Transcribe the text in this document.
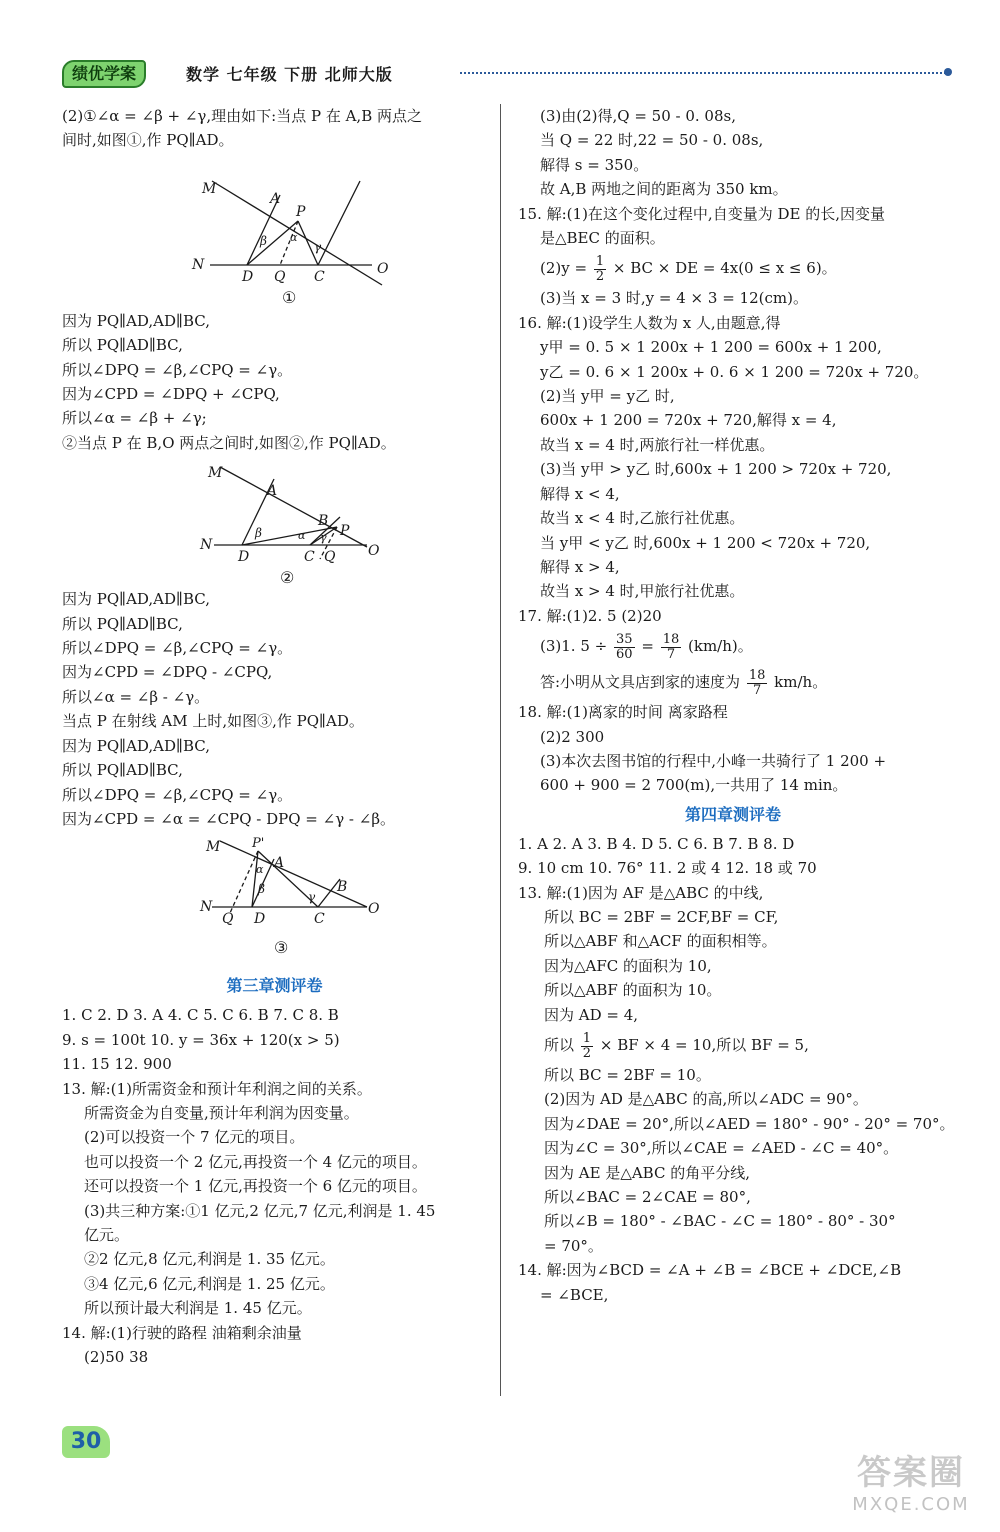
绩优学案	数学 七年级 下册 北师大版
(2)①∠α = ∠β + ∠γ,理由如下:当点 P 在 A,B 两点之
间时,如图①,作 PQ∥AD。
M
A
P
β α
γ
N
D Q C	O
①
因为 PQ∥AD,AD∥BC,
所以 PQ∥AD∥BC,
所以∠DPQ = ∠β,∠CPQ = ∠γ。
因为∠CPD = ∠DPQ + ∠CPQ,
所以∠α = ∠β + ∠γ;
②当点 P 在 B,O 两点之间时,如图②,作 PQ∥AD。
M
A
B
P
β	α γ
N
D	C Q O
②
因为 PQ∥AD,AD∥BC,
所以 PQ∥AD∥BC,
所以∠DPQ = ∠β,∠CPQ = ∠γ。
因为∠CPD = ∠DPQ - ∠CPQ,
所以∠α = ∠β - ∠γ。
当点 P 在射线 AM 上时,如图③,作 PQ∥AD。
因为 PQ∥AD,AD∥BC,
所以 PQ∥AD∥BC,
所以∠DPQ = ∠β,∠CPQ = ∠γ。
因为∠CPD = ∠α = ∠CPQ - DPQ = ∠γ - ∠β。
M P'
A
α
β
γ
B
N
Q D	C
O
③
第三章测评卷
1. C 2. D 3. A 4. C 5. C 6. B 7. C 8. B
9. s = 100t 10. y = 36x + 120(x > 5)
11. 15 12. 900
13. 解:(1)所需资金和预计年利润之间的关系。
所需资金为自变量,预计年利润为因变量。
(2)可以投资一个 7 亿元的项目。
也可以投资一个 2 亿元,再投资一个 4 亿元的项目。
还可以投资一个 1 亿元,再投资一个 6 亿元的项目。
(3)共三种方案:①1 亿元,2 亿元,7 亿元,利润是 1. 45
亿元。
②2 亿元,8 亿元,利润是 1. 35 亿元。
③4 亿元,6 亿元,利润是 1. 25 亿元。
所以预计最大利润是 1. 45 亿元。
14. 解:(1)行驶的路程 油箱剩余油量
(2)50 38
(3)由(2)得,Q = 50 - 0. 08s,
当 Q = 22 时,22 = 50 - 0. 08s,
解得 s = 350。
故 A,B 两地之间的距离为 350 km。
15. 解:(1)在这个变化过程中,自变量为 DE 的长,因变量
是△BEC 的面积。
$(2)y = \frac{1}{2}$ × BC × DE = 4x(0 ≤ x ≤ 6)。
(3)当 x = 3 时,y = 4 × 3 = 12(cm)。
16. 解:(1)设学生人数为 x 人,由题意,得
y甲 = 0. 5 × 1 200x + 1 200 = 600x + 1 200,
y乙 = 0. 6 × 1 200x + 0. 6 × 1 200 = 720x + 720。
(2)当 y甲 = y乙 时,
600x + 1 200 = 720x + 720,解得 x = 4,
故当 x = 4 时,两旅行社一样优惠。
(3)当 y甲 > y乙 时,600x + 1 200 > 720x + 720,
解得 x < 4,
故当 x < 4 时,乙旅行社优惠。
当 y甲 < y乙 时,600x + 1 200 < 720x + 720,
解得 x > 4,
故当 x > 4 时,甲旅行社优惠。
17. 解:(1)2. 5 (2)20
(3)1. $5 \div \frac{35}{60} = \frac{18}{7} (km/h)$。
答:小明从文具店到家的速度为 $\frac{18}{7} km/h$。
18. 解:(1)离家的时间 离家路程
(2)2 300
(3)本次去图书馆的行程中,小峰一共骑行了 1 200 +
600 + 900 = 2 700(m),一共用了 14 min。
第四章测评卷
1. A 2. A 3. B 4. D 5. C 6. B 7. B 8. D
9. 10 cm 10. 76° 11. 2 或 4 12. 18 或 70
13. 解:(1)因为 AF 是△ABC 的中线,
所以 BC = 2BF = 2CF,BF = CF,
所以△ABF 和△ACF 的面积相等。
因为△AFC 的面积为 10,
所以△ABF 的面积为 10。
因为 AD = 4,
所以 $\frac{1}{2}$ × BF × 4 = 10,所以 BF = 5,
所以 BC = 2BF = 10。
(2)因为 AD 是△ABC 的高,所以∠ADC = 90°。
因为∠DAE = 20°,所以∠AED = 180° - 90° - 20° = 70°。
因为∠C = 30°,所以∠CAE = ∠AED - ∠C = 40°。
因为 AE 是△ABC 的角平分线,
所以∠BAC = 2∠CAE = 80°,
所以∠B = 180° - ∠BAC - ∠C = 180° - 80° - 30°
= 70°。
14. 解:因为∠BCD = ∠A + ∠B = ∠BCE + ∠DCE,∠B
= ∠BCE,
30
答案圈
MXQE.COM
